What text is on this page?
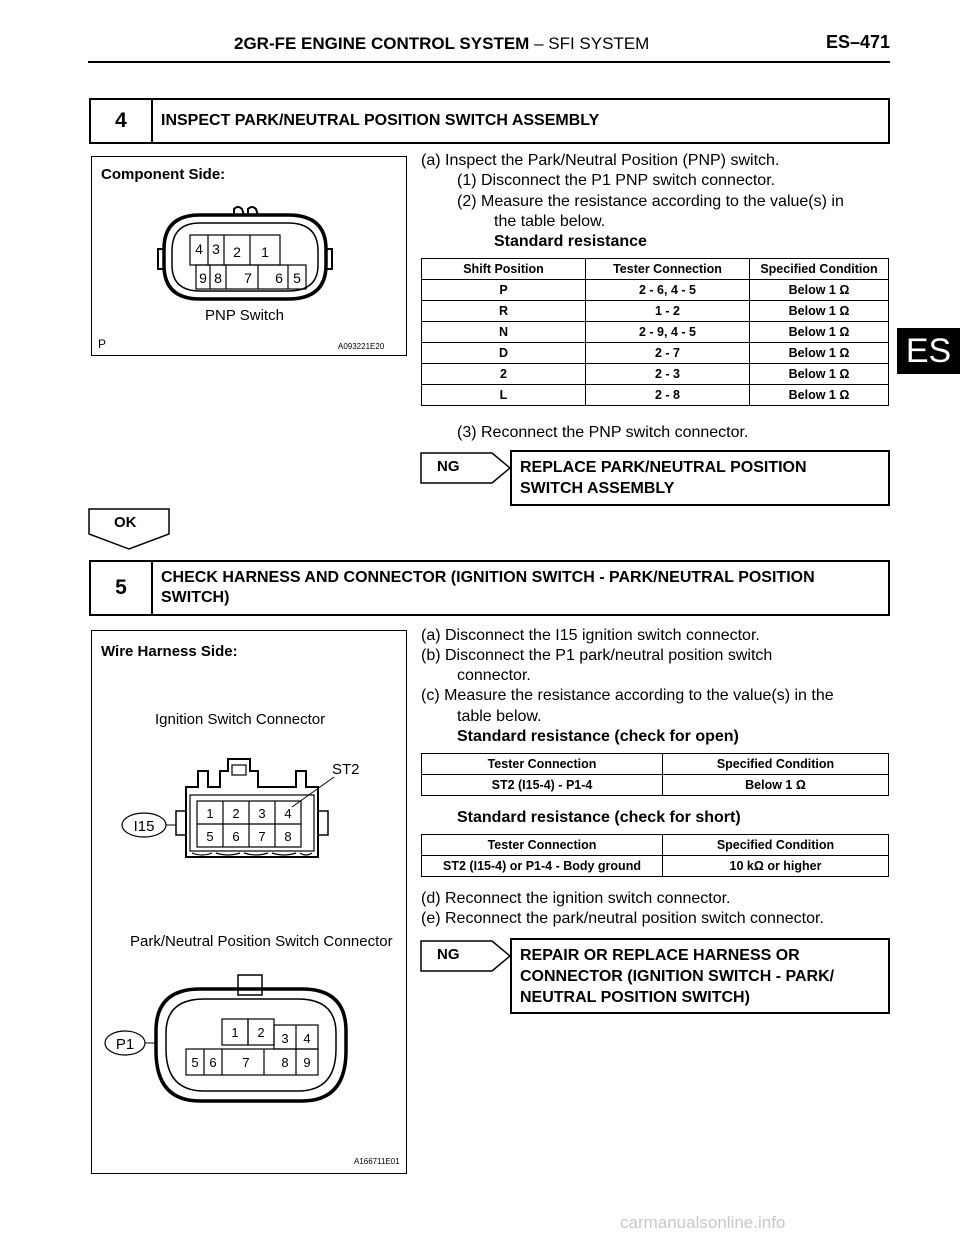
2GR-FE ENGINE CONTROL SYSTEM – SFI SYSTEM	ES–471
ES
4	INSPECT PARK/NEUTRAL POSITION SWITCH ASSEMBLY
Component Side:
4 3 2 1
9 8 7 6 5
PNP Switch
P	A093221E20
(a) Inspect the Park/Neutral Position (PNP) switch.
(1) Disconnect the P1 PNP switch connector.
(2) Measure the resistance according to the value(s) in
the table below.
Standard resistance
Shift Position	Tester Connection	Specified Condition
P	2 - 6, 4 - 5	Below 1 Ω
R	1 - 2	Below 1 Ω
N	2 - 9, 4 - 5	Below 1 Ω
D	2 - 7	Below 1 Ω
2	2 - 3	Below 1 Ω
L	2 - 8	Below 1 Ω
(3) Reconnect the PNP switch connector.
NG	REPLACE PARK/NEUTRAL POSITION
SWITCH ASSEMBLY
OK
5	CHECK HARNESS AND CONNECTOR (IGNITION SWITCH - PARK/NEUTRAL POSITION
SWITCH)
Wire Harness Side:
Ignition Switch Connector
Park/Neutral Position Switch Connector
1 2 3 4
5 6 7 8
ST2
I15
1 2 3 4
5 6 7 8 9
P1
A166711E01
(a) Disconnect the I15 ignition switch connector.
(b) Disconnect the P1 park/neutral position switch
connector.
(c) Measure the resistance according to the value(s) in the
table below.
Standard resistance (check for open)
Tester Connection	Specified Condition
ST2 (I15-4) - P1-4	Below 1 Ω
Standard resistance (check for short)
Tester Connection	Specified Condition
ST2 (I15-4) or P1-4 - Body ground	10 kΩ or higher
(d) Reconnect the ignition switch connector.
(e) Reconnect the park/neutral position switch connector.
NG	REPAIR OR REPLACE HARNESS OR
CONNECTOR (IGNITION SWITCH - PARK/
NEUTRAL POSITION SWITCH)
carmanualsonline.info
